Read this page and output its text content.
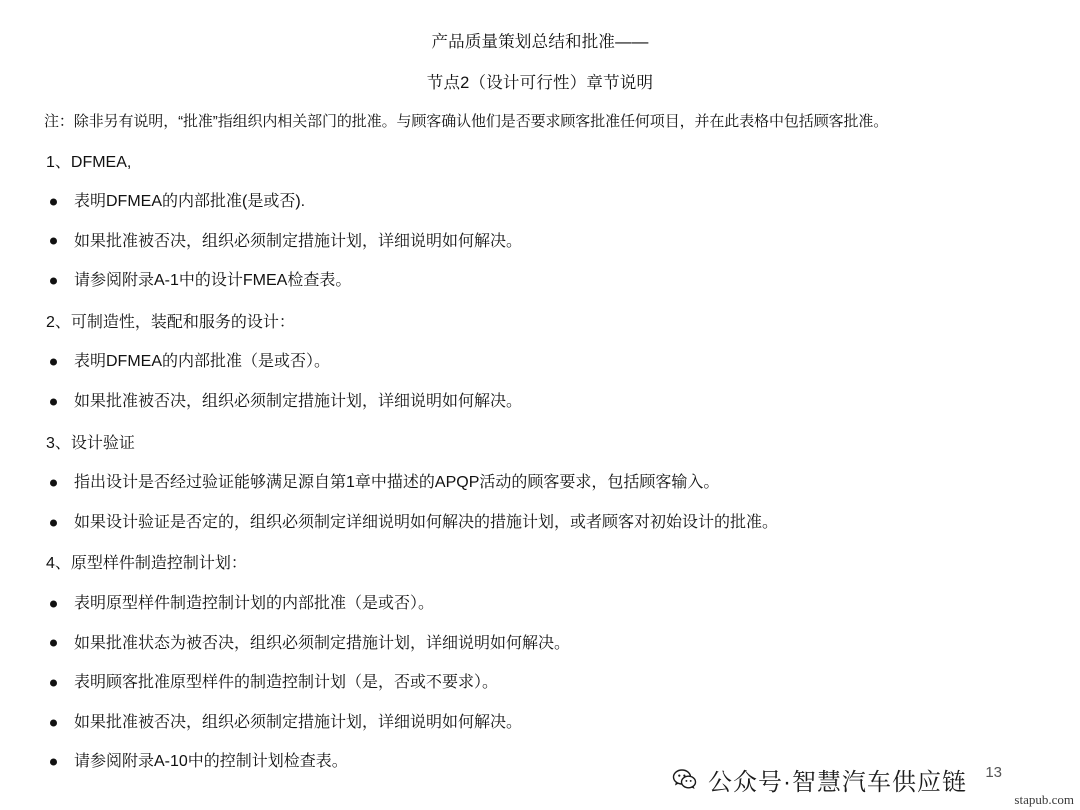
产品质量策划总结和批准——
节点2（设计可行性）章节说明
注：除非另有说明，“批准”指组织内相关部门的批准。与顾客确认他们是否要求顾客批准任何项目，并在此表格中包括顾客批准。
1、DFMEA,
表明DFMEA的内部批准(是或否).
如果批准被否决，组织必须制定措施计划，详细说明如何解决。
请参阅附录A-1中的设计FMEA检查表。
2、可制造性，装配和服务的设计：
表明DFMEA的内部批准（是或否）。
如果批准被否决，组织必须制定措施计划，详细说明如何解决。
3、设计验证
指出设计是否经过验证能够满足源自第1章中描述的APQP活动的顾客要求，包括顾客输入。
如果设计验证是否定的，组织必须制定详细说明如何解决的措施计划，或者顾客对初始设计的批准。
4、原型样件制造控制计划：
表明原型样件制造控制计划的内部批准（是或否）。
如果批准状态为被否决，组织必须制定措施计划，详细说明如何解决。
表明顾客批准原型样件的制造控制计划（是，否或不要求）。
如果批准被否决，组织必须制定措施计划，详细说明如何解决。
请参阅附录A-10中的控制计划检查表。
13
公众号·智慧汽车供应链
stapub.com
